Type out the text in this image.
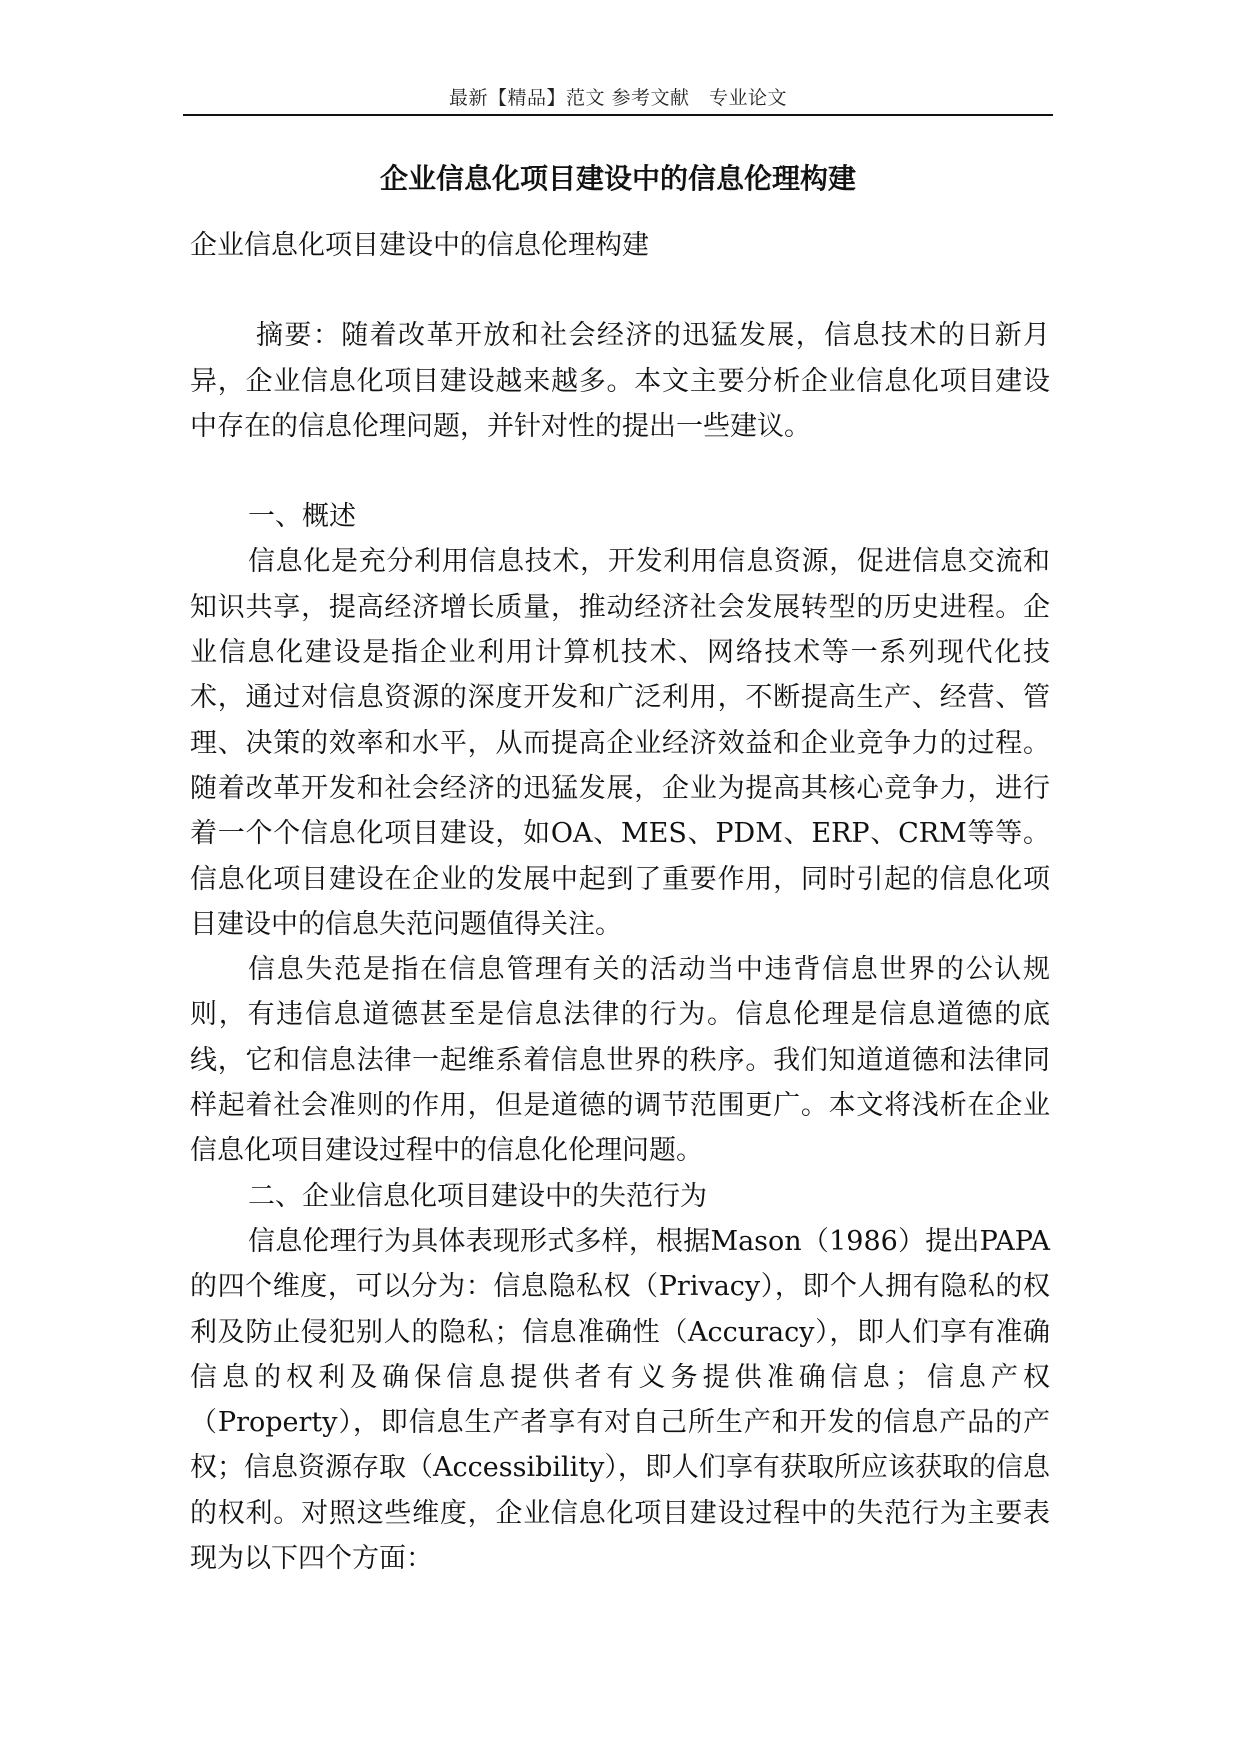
最新【精品】范文 参考文献　专业论文
企业信息化项目建设中的信息伦理构建

企业信息化项目建设中的信息伦理构建

摘要：随着改革开放和社会经济的迅猛发展，信息技术的日新月异，企业信息化项目建设越来越多。本文主要分析企业信息化项目建设中存在的信息伦理问题，并针对性的提出一些建议。

一、概述

信息化是充分利用信息技术，开发利用信息资源，促进信息交流和知识共享，提高经济增长质量，推动经济社会发展转型的历史进程。企业信息化建设是指企业利用计算机技术、网络技术等一系列现代化技术，通过对信息资源的深度开发和广泛利用，不断提高生产、经营、管理、决策的效率和水平，从而提高企业经济效益和企业竞争力的过程。随着改革开发和社会经济的迅猛发展，企业为提高其核心竞争力，进行着一个个信息化项目建设，如OA、MES、PDM、ERP、CRM等等。信息化项目建设在企业的发展中起到了重要作用，同时引起的信息化项目建设中的信息失范问题值得关注。

信息失范是指在信息管理有关的活动当中违背信息世界的公认规则，有违信息道德甚至是信息法律的行为。信息伦理是信息道德的底线，它和信息法律一起维系着信息世界的秩序。我们知道道德和法律同样起着社会准则的作用，但是道德的调节范围更广。本文将浅析在企业信息化项目建设过程中的信息化伦理问题。

二、企业信息化项目建设中的失范行为

信息伦理行为具体表现形式多样，根据Mason（1986）提出PAPA的四个维度，可以分为：信息隐私权（Privacy），即个人拥有隐私的权利及防止侵犯别人的隐私；信息准确性（Accuracy），即人们享有准确信息的权利及确保信息提供者有义务提供准确信息；信息产权（Property），即信息生产者享有对自己所生产和开发的信息产品的产权；信息资源存取（Accessibility），即人们享有获取所应该获取的信息的权利。对照这些维度，企业信息化项目建设过程中的失范行为主要表现为以下四个方面：
